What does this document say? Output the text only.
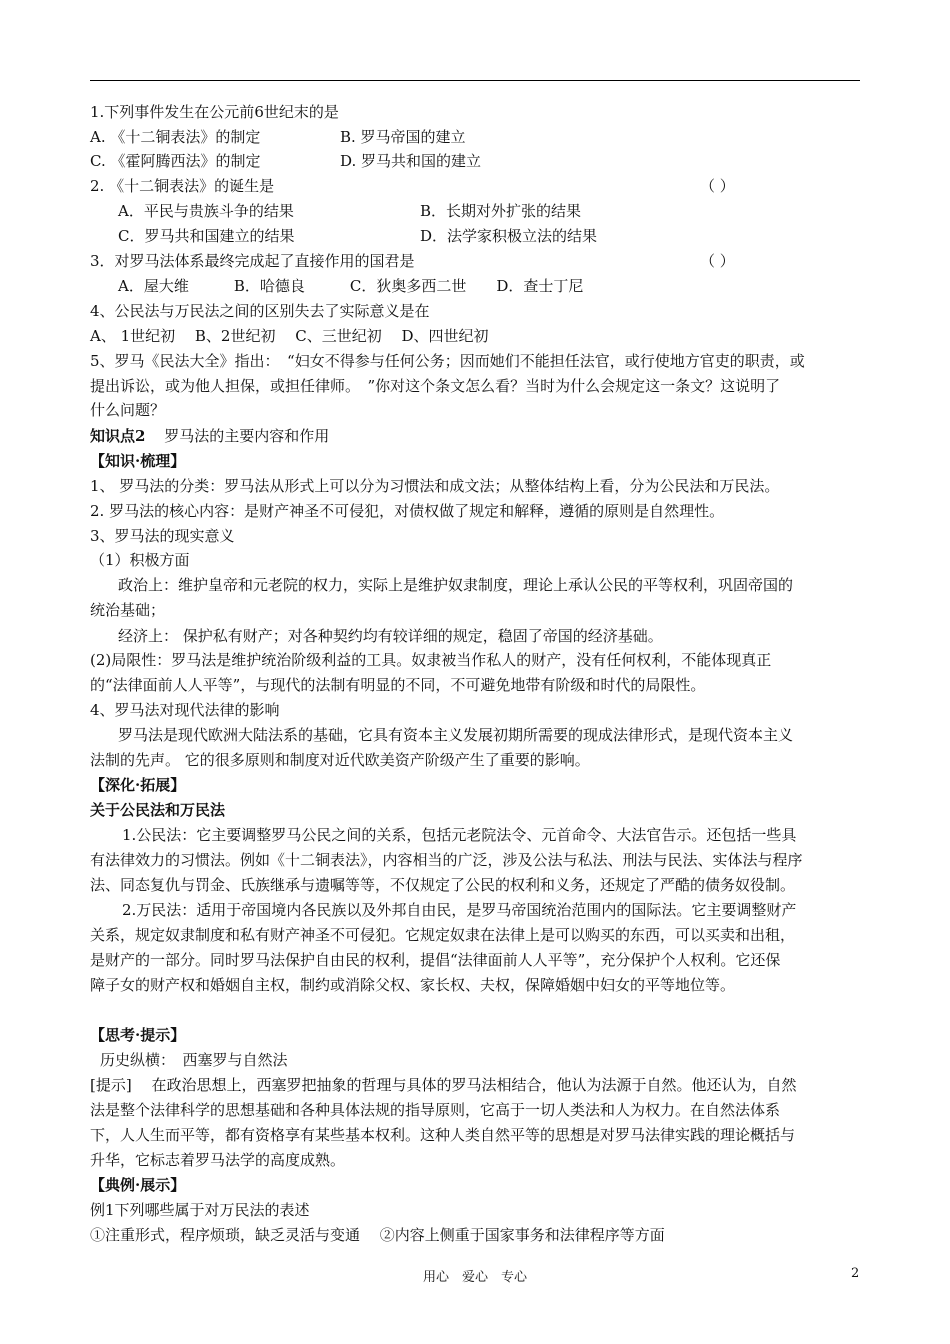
1.下列事件发生在公元前6世纪末的是
A. 《十二铜表法》的制定	B. 罗马帝国的建立
C. 《霍阿腾西法》的制定	D. 罗马共和国的建立
2. 《十二铜表法》的诞生是	（ ）
A．平民与贵族斗争的结果	B．长期对外扩张的结果
C．罗马共和国建立的结果	D．法学家积极立法的结果
3．对罗马法体系最终完成起了直接作用的国君是	（ ）
A．屋大维　　　B．哈德良　　　C．狄奥多西二世　　D．查士丁尼
4、公民法与万民法之间的区别失去了实际意义是在
A、 1世纪初　 B、2世纪初　 C、三世纪初　 D、四世纪初
5、罗马《民法大全》指出：　“妇女不得参与任何公务；因而她们不能担任法官，或行使地方官吏的职责，或
提出诉讼，或为他人担保，或担任律师。　”你对这个条文怎么看？当时为什么会规定这一条文？这说明了
什么问题？
知识点2 罗马法的主要内容和作用
【知识·梳理】
1、 罗马法的分类：罗马法从形式上可以分为习惯法和成文法；从整体结构上看，分为公民法和万民法。
2. 罗马法的核心内容：是财产神圣不可侵犯，对债权做了规定和解释，遵循的原则是自然理性。
3、罗马法的现实意义
（1）积极方面
政治上：维护皇帝和元老院的权力，实际上是维护奴隶制度，理论上承认公民的平等权利，巩固帝国的
统治基础；
经济上： 保护私有财产；对各种契约均有较详细的规定，稳固了帝国的经济基础。
(2)局限性：罗马法是维护统治阶级利益的工具。奴隶被当作私人的财产，没有任何权利，不能体现真正
的“法律面前人人平等”，与现代的法制有明显的不同，不可避免地带有阶级和时代的局限性。
4、罗马法对现代法律的影响
罗马法是现代欧洲大陆法系的基础，它具有资本主义发展初期所需要的现成法律形式，是现代资本主义
法制的先声。 它的很多原则和制度对近代欧美资产阶级产生了重要的影响。
【深化·拓展】
关于公民法和万民法
1.公民法：它主要调整罗马公民之间的关系，包括元老院法令、元首命令、大法官告示。还包括一些具
有法律效力的习惯法。例如《十二铜表法》，内容相当的广泛，涉及公法与私法、刑法与民法、实体法与程序
法、同态复仇与罚金、氏族继承与遗嘱等等，不仅规定了公民的权利和义务，还规定了严酷的债务奴役制。
2.万民法：适用于帝国境内各民族以及外邦自由民，是罗马帝国统治范围内的国际法。它主要调整财产
关系，规定奴隶制度和私有财产神圣不可侵犯。它规定奴隶在法律上是可以购买的东西，可以买卖和出租，
是财产的一部分。同时罗马法保护自由民的权利，提倡“法律面前人人平等”，充分保护个人权利。它还保
障子女的财产权和婚姻自主权，制约或消除父权、家长权、夫权，保障婚姻中妇女的平等地位等。
【思考·提示】
历史纵横：　西塞罗与自然法
[提示]　 在政治思想上，西塞罗把抽象的哲理与具体的罗马法相结合，他认为法源于自然。他还认为，自然
法是整个法律科学的思想基础和各种具体法规的指导原则，它高于一切人类法和人为权力。在自然法体系
下，人人生而平等，都有资格享有某些基本权利。这种人类自然平等的思想是对罗马法律实践的理论概括与
升华，它标志着罗马法学的高度成熟。
【典例·展示】
例1下列哪些属于对万民法的表述
①注重形式，程序烦琐，缺乏灵活与变通　 ②内容上侧重于国家事务和法律程序等方面
用心　爱心　专心	2
